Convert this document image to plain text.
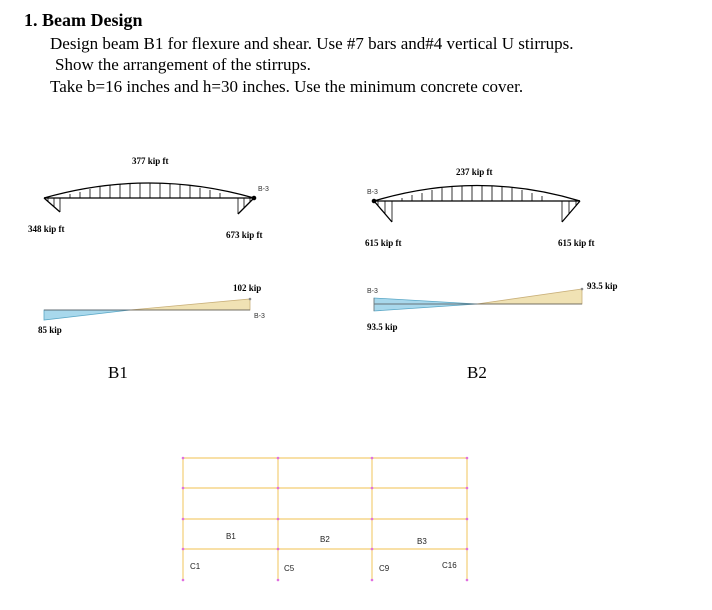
1. Beam Design
Design beam B1 for flexure and shear. Use #7 bars and#4 vertical U stirrups.
Show the arrangement of the stirrups.
Take b=16 inches and h=30 inches. Use the minimum concrete cover.
377 kip ft
348 kip ft
673 kip ft
B-3
102 kip
B-3
85 kip
B1
237 kip ft
B-3
615 kip ft	615 kip ft
B-3
93.5 kip
93.5 kip
B2
B1	B2	B3
C1	C5	C9	C16
